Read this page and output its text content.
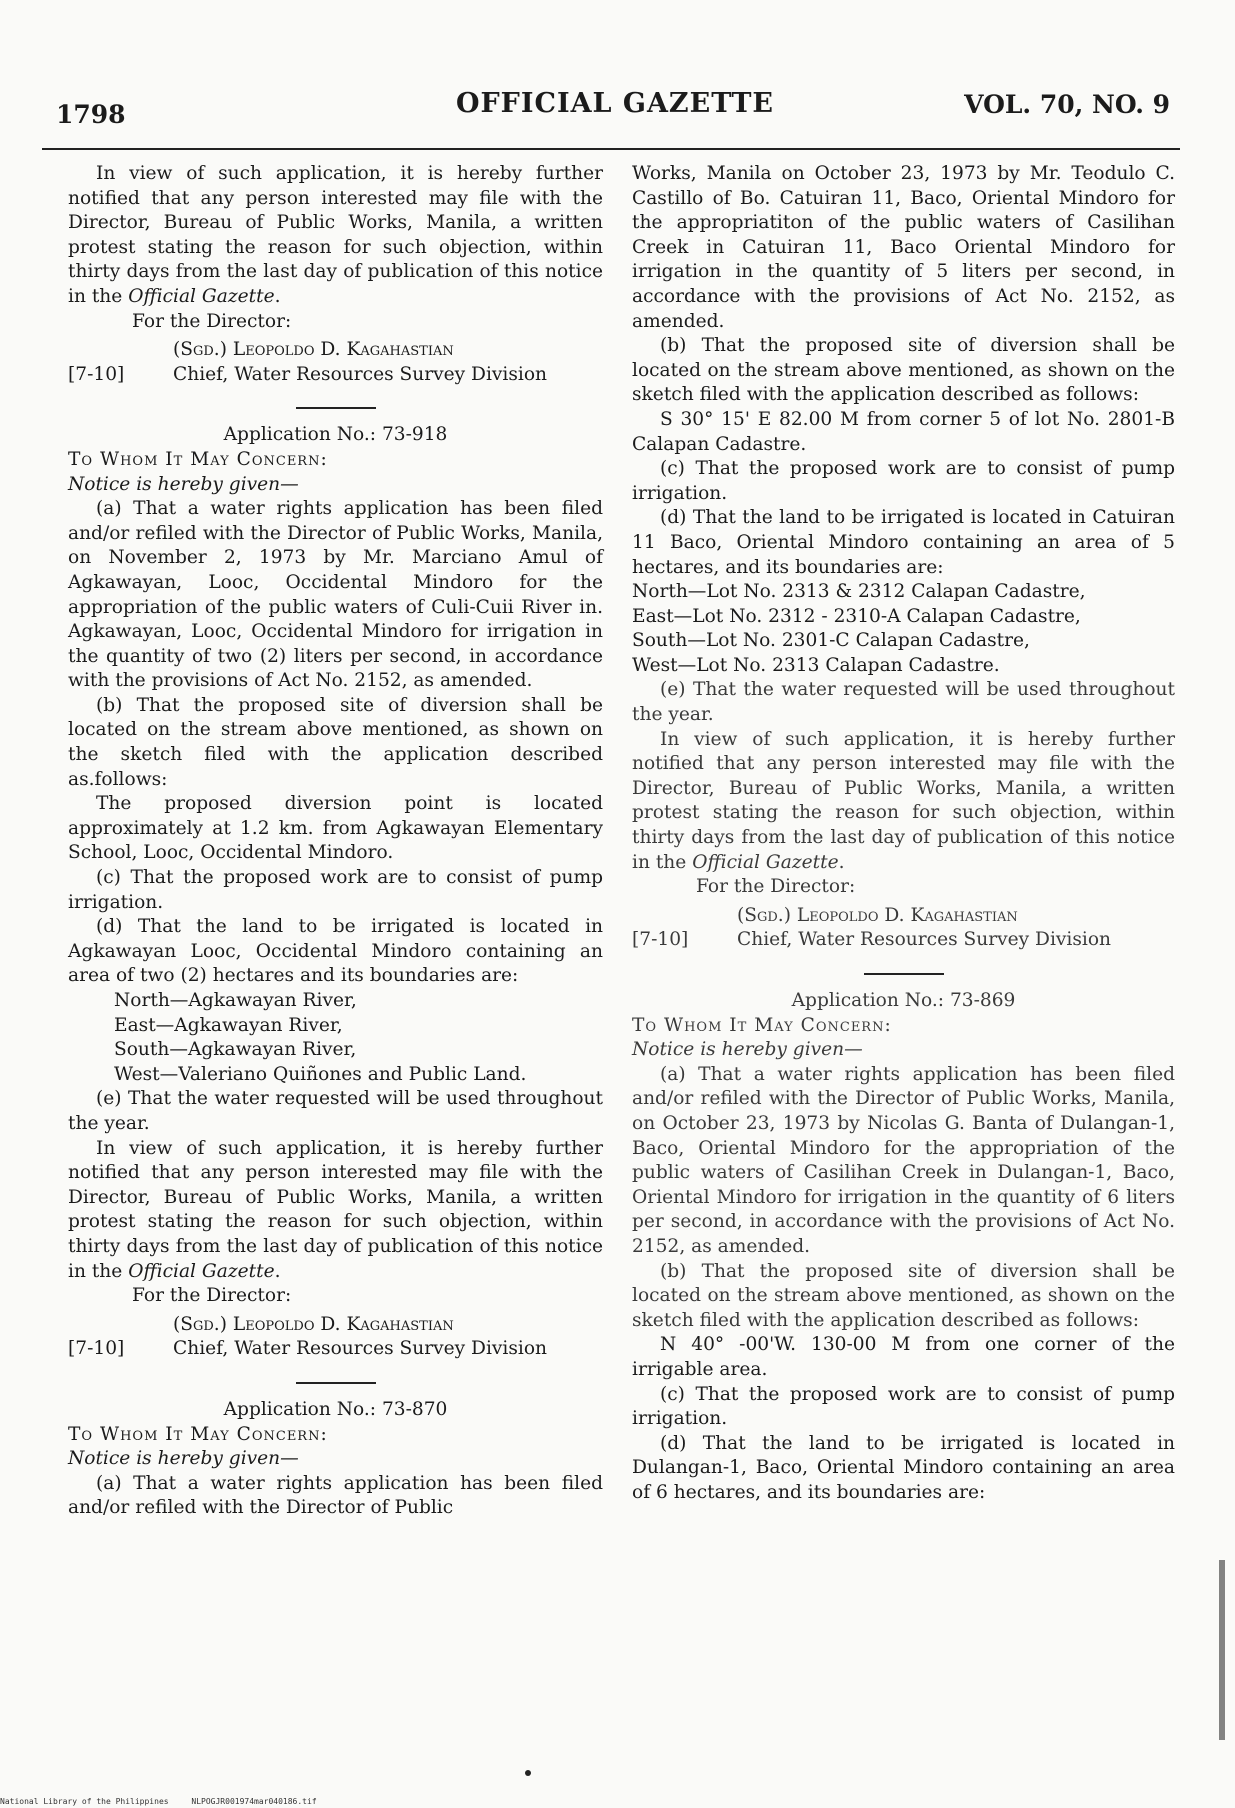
1798	OFFICIAL GAZETTE	VOL. 70, NO. 9

In view of such application, it is hereby further notified that any person interested may file with the Director, Bureau of Public Works, Manila, a written protest stating the reason for such objection, within thirty days from the last day of publication of this notice in the Official Gazette.

For the Director:

(Sgd.) Leopoldo D. Kagahastian
Chief, Water Resources Survey Division
[7-10]

Application No.: 73-918

To Whom It May Concern:

Notice is hereby given—

(a) That a water rights application has been filed and/or refiled with the Director of Public Works, Manila, on November 2, 1973 by Mr. Marciano Amul of Agkawayan, Looc, Occidental Mindoro for the appropriation of the public waters of Culi-Cuii River in. Agkawayan, Looc, Occidental Mindoro for irrigation in the quantity of two (2) liters per second, in accordance with the provisions of Act No. 2152, as amended.

(b) That the proposed site of diversion shall be located on the stream above mentioned, as shown on the sketch filed with the application described as.follows:

The proposed diversion point is located approximately at 1.2 km. from Agkawayan Elementary School, Looc, Occidental Mindoro.

(c) That the proposed work are to consist of pump irrigation.

(d) That the land to be irrigated is located in Agkawayan Looc, Occidental Mindoro containing an area of two (2) hectares and its boundaries are:

North—Agkawayan River,

East—Agkawayan River,

South—Agkawayan River,

West—Valeriano Quiñones and Public Land.

(e) That the water requested will be used throughout the year.

In view of such application, it is hereby further notified that any person interested may file with the Director, Bureau of Public Works, Manila, a written protest stating the reason for such objection, within thirty days from the last day of publication of this notice in the Official Gazette.

For the Director:

(Sgd.) Leopoldo D. Kagahastian
Chief, Water Resources Survey Division
[7-10]

Application No.: 73-870

To Whom It May Concern:

Notice is hereby given—

(a) That a water rights application has been filed and/or refiled with the Director of Public

Works, Manila on October 23, 1973 by Mr. Teodulo C. Castillo of Bo. Catuiran 11, Baco, Oriental Mindoro for the appropriatiton of the public waters of Casilihan Creek in Catuiran 11, Baco Oriental Mindoro for irrigation in the quantity of 5 liters per second, in accordance with the provisions of Act No. 2152, as amended.

(b) That the proposed site of diversion shall be located on the stream above mentioned, as shown on the sketch filed with the application described as follows:

S 30° 15' E 82.00 M from corner 5 of lot No. 2801-B Calapan Cadastre.

(c) That the proposed work are to consist of pump irrigation.

(d) That the land to be irrigated is located in Catuiran 11 Baco, Oriental Mindoro containing an area of 5 hectares, and its boundaries are:

North—Lot No. 2313 & 2312 Calapan Cadastre,

East—Lot No. 2312 - 2310-A Calapan Cadastre,

South—Lot No. 2301-C Calapan Cadastre,

West—Lot No. 2313 Calapan Cadastre.

(e) That the water requested will be used throughout the year.

In view of such application, it is hereby further notified that any person interested may file with the Director, Bureau of Public Works, Manila, a written protest stating the reason for such objection, within thirty days from the last day of publication of this notice in the Official Gazette.

For the Director:

(Sgd.) Leopoldo D. Kagahastian
Chief, Water Resources Survey Division
[7-10]

Application No.: 73-869

To Whom It May Concern:

Notice is hereby given—

(a) That a water rights application has been filed and/or refiled with the Director of Public Works, Manila, on October 23, 1973 by Nicolas G. Banta of Dulangan-1, Baco, Oriental Mindoro for the appropriation of the public waters of Casilihan Creek in Dulangan-1, Baco, Oriental Mindoro for irrigation in the quantity of 6 liters per second, in accordance with the provisions of Act No. 2152, as amended.

(b) That the proposed site of diversion shall be located on the stream above mentioned, as shown on the sketch filed with the application described as follows:

N 40° -00'W. 130-00 M from one corner of the irrigable area.

(c) That the proposed work are to consist of pump irrigation.

(d) That the land to be irrigated is located in Dulangan-1, Baco, Oriental Mindoro containing an area of 6 hectares, and its boundaries are:

National Library of the Philippines	NLPOGJR001974mar040186.tif
